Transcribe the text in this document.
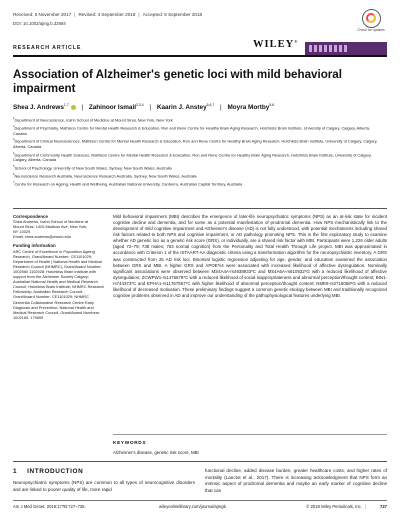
Received: 5 November 2017 | Revised: 4 September 2018 | Accepted: 6 September 2018
DOI: 10.1002/ajmg.b.32684
Check for updates
RESEARCH ARTICLE	WILEY®
Association of Alzheimer's genetic loci with mild behavioral impairment
Shea J. Andrews$^{1,7,}$ | Zahinoor Ismail$^{2,3,4}$ | Kaarin J. Anstey$^{5,6,7}$ | Moyra Mortby$^{5,6}$

$^1$Department of Neuroscience, Icahn School of Medicine at Mount Sinai, New York, New York

$^2$Department of Psychiatry, Mathison Centre for Mental Health Research & Education, Ron and Rene Centre for Healthy Brain Aging Research, Hotchkiss Brain Institute, University of Calgary, Calgary, Alberta, Canada

$^3$Department of Clinical Neurosciences, Mathison Centre for Mental Health Research & Education, Ron and Rene Centre for Healthy Brain Aging Research, Hotchkiss Brain Institute, University of Calgary, Calgary, Alberta, Canada

$^4$Department of Community Health Sciences, Mathison Centre for Mental Health Research & Education, Ron and Rene Centre for Healthy Brain Aging Research, Hotchkiss Brain Institute, University of Calgary, Calgary, Alberta, Canada

$^5$School of Psychology, University of New South Wales, Sydney, New South Wales, Australia

$^6$Neuroscience Research Australia, Neuroscience Research Australia, Sydney, New South Wales, Australia

$^7$Centre for Research on Ageing, Health and Wellbeing, Australian National University, Canberra, Australian Capital Territory, Australia

Correspondence

Shea Andrews, Icahn School of Medicine at
Mount Sinai, 1425 Madison Ave, New York,
NY 10029.
Email: shea.andrews@mssm.edu

Funding information
ARC Centre of Excellence in Population Ageing Research, Grant/Award Number: CE1101029; Department of Health | National Health and Medical Research Council (NHMRC), Grant/Award Number: 1002560 1102028; Hotchkiss Brain Institute with support from the Alzheimer Society Calgary; Australian National Health and Medical Research Council; Hotchkiss Brain Institute; NHMRC Research Fellowship; Australian Research Council , Grant/Award Number: CE1101029; NHMRC Dementia Collaborative Research Centre Early Diagnosis and Prevention; National Health and Medical Research Council, Grant/Award Numbers: 1002160, 179805

Mild behavioral impairment (MBI) describes the emergence of later-life neuropsychiatric symptoms (NPS) as an at-risk state for incident cognitive decline and dementia, and for some as a potential manifestation of prodromal dementia. How NPS mechanistically link to the development of mild cognitive impairment and Alzheimer's disease (AD) is not fully understood, with potential mechanisms including shared risk factors related to both NPS and cognitive impairment, or AD pathology promoting NPS. This is the first exploratory study to examine whether AD genetic loci as a genetic risk score (GRS), or individually, are a shared risk factor with MBI. Participants were 1,226 older adults (aged 72–79; 738 males; 763 normal cognition) from the Personality and Total Health Through Life project. MBI was approximated in accordance with Criterion 1 of the ISTAART-AA diagnostic criteria using a transformation algorithm for the neuropsychiatric inventory. A GRS was constructed from 25 AD risk loci. Binomial logistic regression adjusting for age, gender, and education examined the association between GRS and MBI. A higher GRS and APOE*ε4 were associated with increased likelihood of affective dysregulation. Nominally significant associations were observed between MS4A4A-rs4938933*C and MS4A6A-rs610932*G with a reduced likelihood of affective dysregulation; ZCWPW1-rs1476679*C with a reduced likelihood of social inappropriateness and abnormal perception/thought content; BIN1-rs744373*C and EPHA1-rs11767557*C with higher likelihood of abnormal perception/thought content; NME8-rs2718058*G with a reduced likelihood of decreased motivation. These preliminary findings suggest a common genetic etiology between MBI and traditionally recognized cognitive problems observed in AD and improve our understanding of the pathophysiological features underlying MBI.

KEYWORDS
Alzheimer's disease, genetic risk score, MBI
1 INTRODUCTION

Neuropsychiatric symptoms (NPS) are common to all types of neurocognitive disorders and are linked to poorer quality of life, more rapid

functional decline, added disease burden, greater healthcare costs, and higher rates of mortality (Lanctot et al., 2017). There is increasing acknowledgment that NPS form an intrinsic aspect of prodromal dementia and maybe an early marker of cognitive decline that can

Am J Med Genet. 2018;177B:727–735.	wileyonlinelibrary.com/journal/ajmgb	© 2018 Wiley Periodicals, Inc. |	727
